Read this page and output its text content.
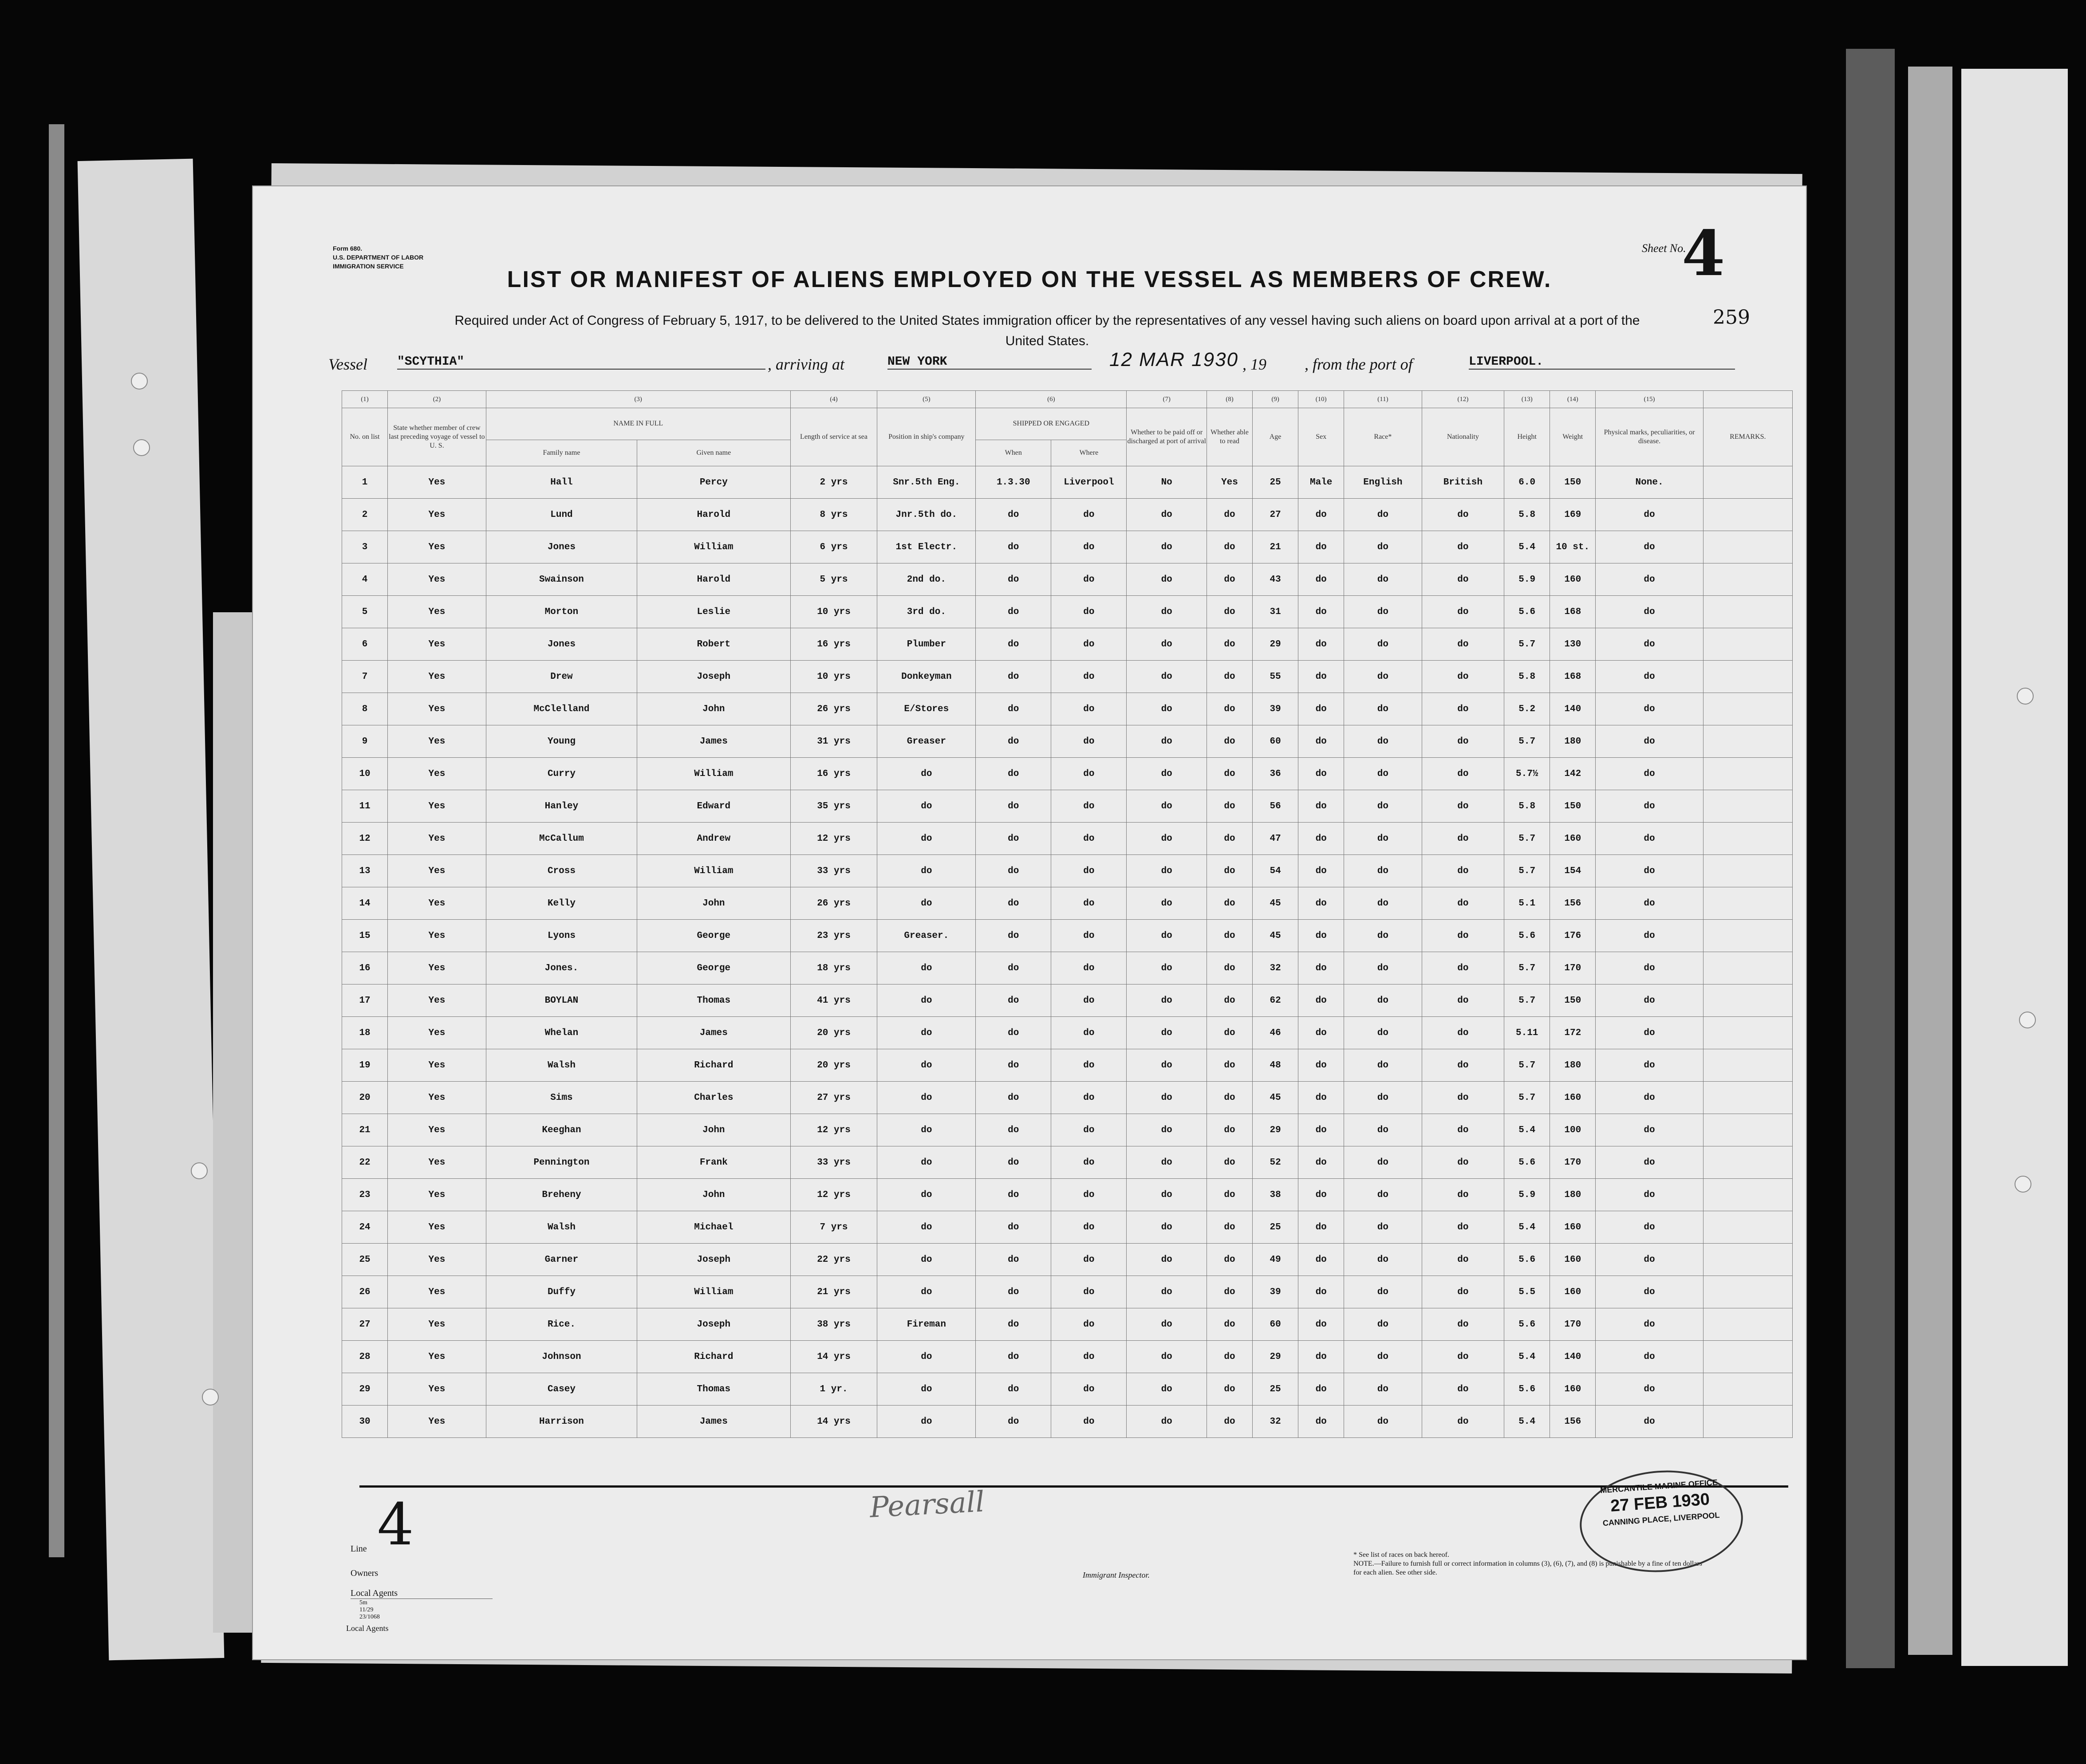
Form 680.
U.S. DEPARTMENT OF LABOR
IMMIGRATION SERVICE
Sheet No.
4
LIST OR MANIFEST OF ALIENS EMPLOYED ON THE VESSEL AS MEMBERS OF CREW.
Required under Act of Congress of February 5, 1917, to be delivered to the United States immigration officer by the representatives of any vessel having such aliens on board upon arrival at a port of the United States.
259
Vessel "SCYTHIA"	, arriving at	NEW YORK	12 MAR 1930 , 19 , from the port of	LIVERPOOL.
(1)	(2)	(3)		(4)	(5)	(6)		(7)	(8)	(9)	(10)	(11)	(12)	(13)	(14)	(15)	
No. on list	State whether member of crew last preceding voyage of vessel to U. S.	NAME IN FULL		Length of service at sea	Position in ship's company	SHIPPED OR ENGAGED		Whether to be paid off or discharged at port of arrival	Whether able to read	Age	Sex	Race*	Nationality	Height	Weight	Physical marks, peculiarities, or disease.	REMARKS.
		Family name	Given name			When	Where										
1	Yes	Hall	Percy	2 yrs	Snr.5th Eng.	1.3.30	Liverpool	No	Yes	25	Male	English	British	6.0	150	None.	
2	Yes	Lund	Harold	8 yrs	Jnr.5th do.	do	do	do	do	27	do	do	do	5.8	169	do	
3	Yes	Jones	William	6 yrs	1st Electr.	do	do	do	do	21	do	do	do	5.4	10 st.	do	
4	Yes	Swainson	Harold	5 yrs	2nd do.	do	do	do	do	43	do	do	do	5.9	160	do	
5	Yes	Morton	Leslie	10 yrs	3rd do.	do	do	do	do	31	do	do	do	5.6	168	do	
6	Yes	Jones	Robert	16 yrs	Plumber	do	do	do	do	29	do	do	do	5.7	130	do	
7	Yes	Drew	Joseph	10 yrs	Donkeyman	do	do	do	do	55	do	do	do	5.8	168	do	
8	Yes	McClelland	John	26 yrs	E/Stores	do	do	do	do	39	do	do	do	5.2	140	do	
9	Yes	Young	James	31 yrs	Greaser	do	do	do	do	60	do	do	do	5.7	180	do	
10	Yes	Curry	William	16 yrs	do	do	do	do	do	36	do	do	do	5.7½	142	do	
11	Yes	Hanley	Edward	35 yrs	do	do	do	do	do	56	do	do	do	5.8	150	do	
12	Yes	McCallum	Andrew	12 yrs	do	do	do	do	do	47	do	do	do	5.7	160	do	
13	Yes	Cross	William	33 yrs	do	do	do	do	do	54	do	do	do	5.7	154	do	
14	Yes	Kelly	John	26 yrs	do	do	do	do	do	45	do	do	do	5.1	156	do	
15	Yes	Lyons	George	23 yrs	Greaser.	do	do	do	do	45	do	do	do	5.6	176	do	
16	Yes	Jones.	George	18 yrs	do	do	do	do	do	32	do	do	do	5.7	170	do	
17	Yes	BOYLAN	Thomas	41 yrs	do	do	do	do	do	62	do	do	do	5.7	150	do	
18	Yes	Whelan	James	20 yrs	do	do	do	do	do	46	do	do	do	5.11	172	do	
19	Yes	Walsh	Richard	20 yrs	do	do	do	do	do	48	do	do	do	5.7	180	do	
20	Yes	Sims	Charles	27 yrs	do	do	do	do	do	45	do	do	do	5.7	160	do	
21	Yes	Keeghan	John	12 yrs	do	do	do	do	do	29	do	do	do	5.4	100	do	
22	Yes	Pennington	Frank	33 yrs	do	do	do	do	do	52	do	do	do	5.6	170	do	
23	Yes	Breheny	John	12 yrs	do	do	do	do	do	38	do	do	do	5.9	180	do	
24	Yes	Walsh	Michael	7 yrs	do	do	do	do	do	25	do	do	do	5.4	160	do	
25	Yes	Garner	Joseph	22 yrs	do	do	do	do	do	49	do	do	do	5.6	160	do	
26	Yes	Duffy	William	21 yrs	do	do	do	do	do	39	do	do	do	5.5	160	do	
27	Yes	Rice.	Joseph	38 yrs	Fireman	do	do	do	do	60	do	do	do	5.6	170	do	
28	Yes	Johnson	Richard	14 yrs	do	do	do	do	do	29	do	do	do	5.4	140	do	
29	Yes	Casey	Thomas	1 yr.	do	do	do	do	do	25	do	do	do	5.6	160	do	
30	Yes	Harrison	James	14 yrs	do	do	do	do	do	32	do	do	do	5.4	156	do	
Line 4
Owners
Local Agents
5m 11/29 23/1068
Pearsall
Immigrant Inspector.
* See list of races on back hereof.
NOTE.—Failure to furnish full or correct information in columns (3), (6), (7), and (8) is punishable by a fine of ten dollars for each alien. See other side.
MERCANTILE MARINE OFFICE
27 FEB 1930
CANNING PLACE, LIVERPOOL
Local Agents
